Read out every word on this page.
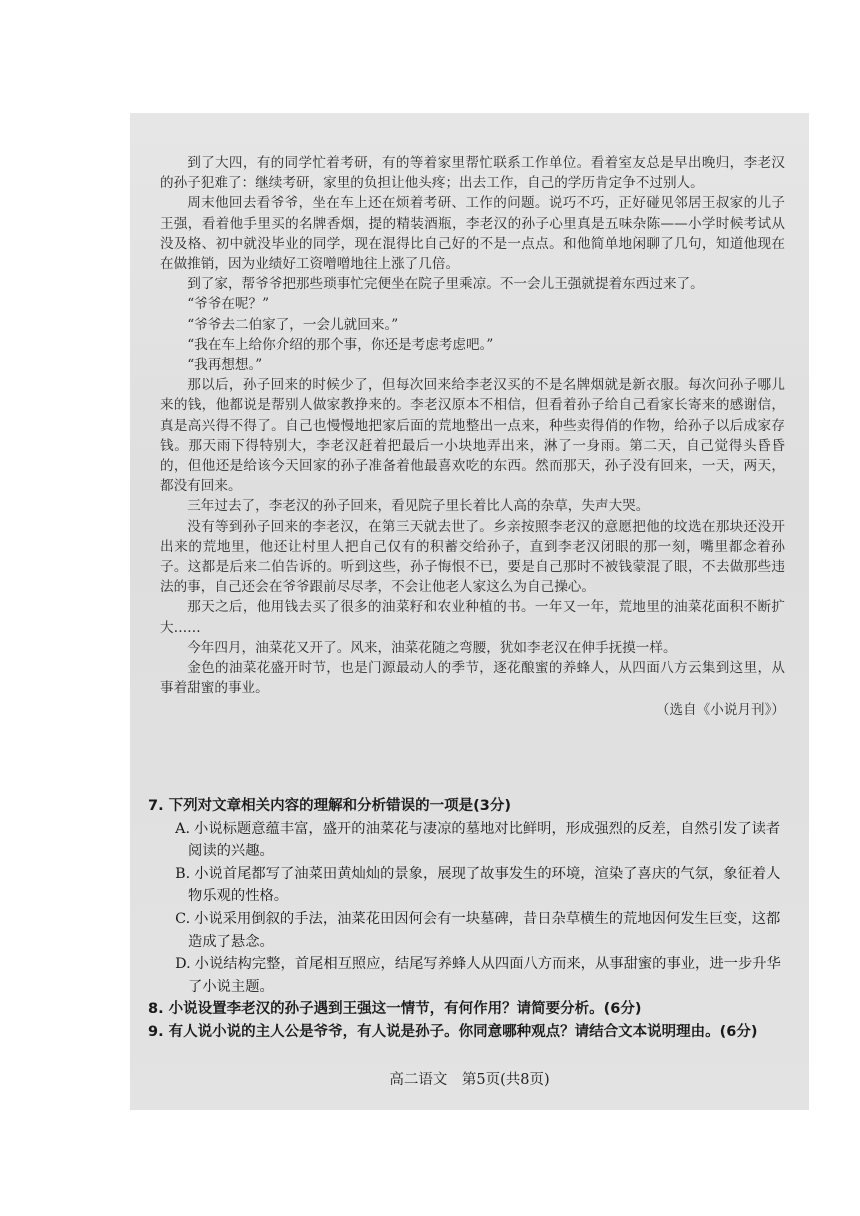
到了大四，有的同学忙着考研，有的等着家里帮忙联系工作单位。看着室友总是早出晚归，李老汉的孙子犯难了：继续考研，家里的负担让他头疼；出去工作，自己的学历肯定争不过别人。

周末他回去看爷爷，坐在车上还在烦着考研、工作的问题。说巧不巧，正好碰见邻居王叔家的儿子王强，看着他手里买的名牌香烟，提的精装酒瓶，李老汉的孙子心里真是五味杂陈——小学时候考试从没及格、初中就没毕业的同学，现在混得比自己好的不是一点点。和他简单地闲聊了几句，知道他现在在做推销，因为业绩好工资噌噌地往上涨了几倍。

到了家，帮爷爷把那些琐事忙完便坐在院子里乘凉。不一会儿王强就提着东西过来了。

“爷爷在呢？”

“爷爷去二伯家了，一会儿就回来。”

“我在车上给你介绍的那个事，你还是考虑考虑吧。”

“我再想想。”

那以后，孙子回来的时候少了，但每次回来给李老汉买的不是名牌烟就是新衣服。每次问孙子哪儿来的钱，他都说是帮别人做家教挣来的。李老汉原本不相信，但看着孙子给自己看家长寄来的感谢信，真是高兴得不得了。自己也慢慢地把家后面的荒地整出一点来，种些卖得俏的作物，给孙子以后成家存钱。那天雨下得特别大，李老汉赶着把最后一小块地弄出来，淋了一身雨。第二天，自己觉得头昏昏的，但他还是给该今天回家的孙子准备着他最喜欢吃的东西。然而那天，孙子没有回来，一天，两天，都没有回来。

三年过去了，李老汉的孙子回来，看见院子里长着比人高的杂草，失声大哭。

没有等到孙子回来的李老汉，在第三天就去世了。乡亲按照李老汉的意愿把他的坟选在那块还没开出来的荒地里，他还让村里人把自己仅有的积蓄交给孙子，直到李老汉闭眼的那一刻，嘴里都念着孙子。这都是后来二伯告诉的。听到这些，孙子悔恨不已，要是自己那时不被钱蒙混了眼，不去做那些违法的事，自己还会在爷爷跟前尽尽孝，不会让他老人家这么为自己操心。

那天之后，他用钱去买了很多的油菜籽和农业种植的书。一年又一年，荒地里的油菜花面积不断扩大……

今年四月，油菜花又开了。风来，油菜花随之弯腰，犹如李老汉在伸手抚摸一样。

金色的油菜花盛开时节，也是门源最动人的季节，逐花酿蜜的养蜂人，从四面八方云集到这里，从事着甜蜜的事业。

（选自《小说月刊》）
7. 下列对文章相关内容的理解和分析错误的一项是(3分)
A. 小说标题意蕴丰富，盛开的油菜花与凄凉的墓地对比鲜明，形成强烈的反差，自然引发了读者阅读的兴趣。
B. 小说首尾都写了油菜田黄灿灿的景象，展现了故事发生的环境，渲染了喜庆的气氛，象征着人物乐观的性格。
C. 小说采用倒叙的手法，油菜花田因何会有一块墓碑，昔日杂草横生的荒地因何发生巨变，这都造成了悬念。
D. 小说结构完整，首尾相互照应，结尾写养蜂人从四面八方而来，从事甜蜜的事业，进一步升华了小说主题。
8. 小说设置李老汉的孙子遇到王强这一情节，有何作用？请简要分析。(6分)
9. 有人说小说的主人公是爷爷，有人说是孙子。你同意哪种观点？请结合文本说明理由。(6分)
高二语文　第5页(共8页)
